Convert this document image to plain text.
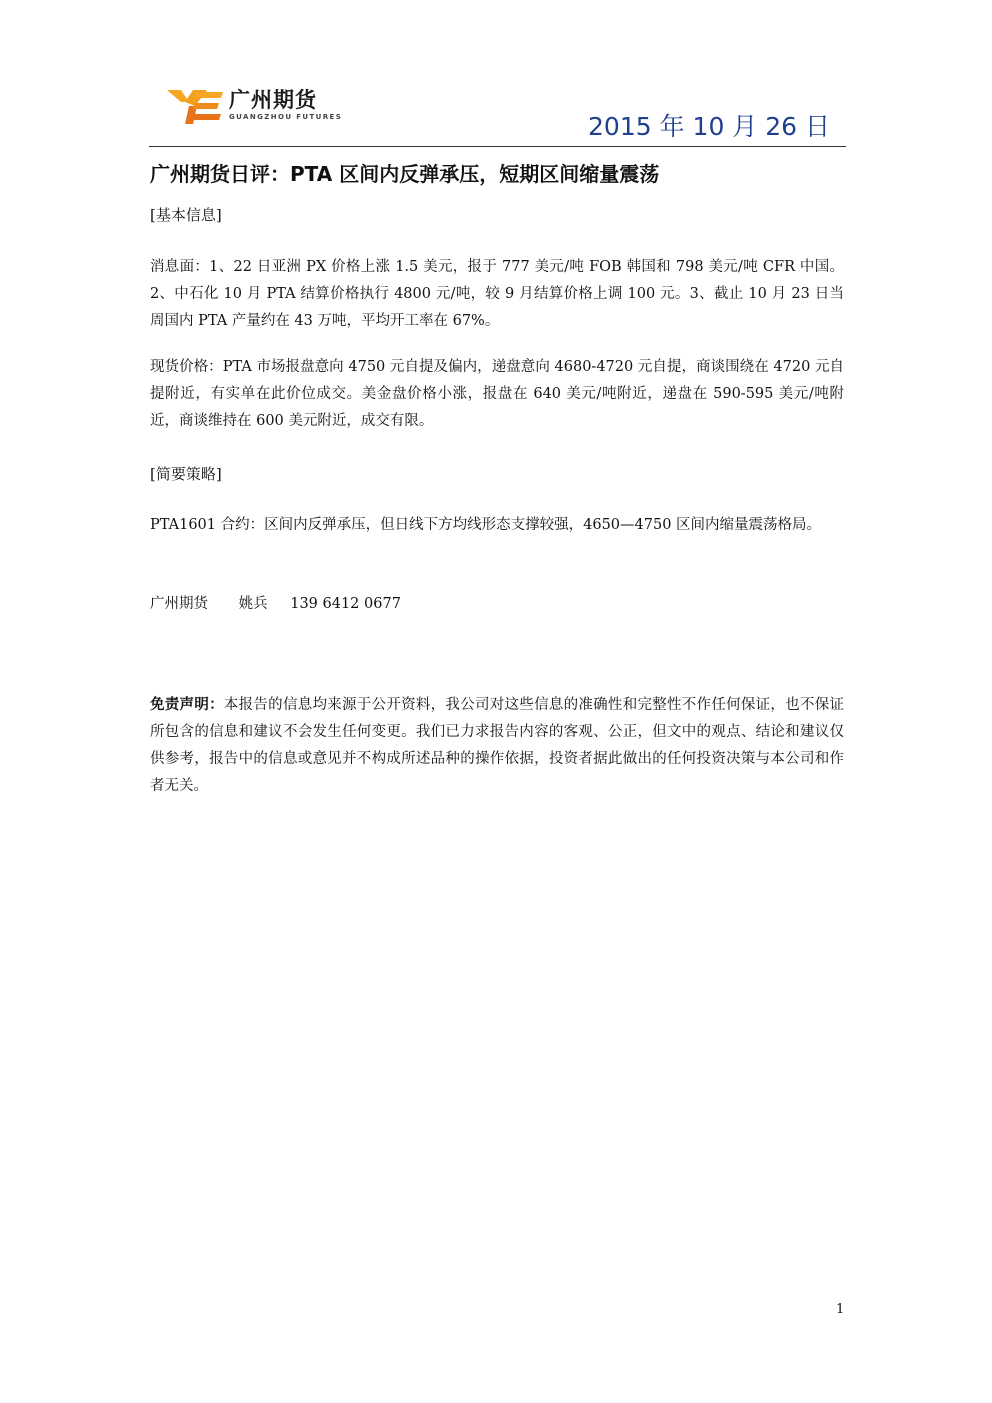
广州期货
GUANGZHOU FUTURES	2015 年 10 月 26 日
广州期货日评：PTA 区间内反弹承压，短期区间缩量震荡
[基本信息]
消息面：1、22 日亚洲 PX 价格上涨 1.5 美元，报于 777 美元/吨 FOB 韩国和 798 美元/吨 CFR 中国。2、中石化 10 月 PTA 结算价格执行 4800 元/吨，较 9 月结算价格上调 100 元。3、截止 10 月 23 日当周国内 PTA 产量约在 43 万吨，平均开工率在 67%。
现货价格：PTA 市场报盘意向 4750 元自提及偏内，递盘意向 4680-4720 元自提，商谈围绕在 4720 元自提附近，有实单在此价位成交。美金盘价格小涨，报盘在 640 美元/吨附近，递盘在 590-595 美元/吨附近，商谈维持在 600 美元附近，成交有限。
[简要策略]
PTA1601 合约：区间内反弹承压，但日线下方均线形态支撑较强，4650—4750 区间内缩量震荡格局。
广州期货 姚兵 139 6412 0677
免责声明：本报告的信息均来源于公开资料，我公司对这些信息的准确性和完整性不作任何保证，也不保证所包含的信息和建议不会发生任何变更。我们已力求报告内容的客观、公正，但文中的观点、结论和建议仅供参考，报告中的信息或意见并不构成所述品种的操作依据，投资者据此做出的任何投资决策与本公司和作者无关。
1
